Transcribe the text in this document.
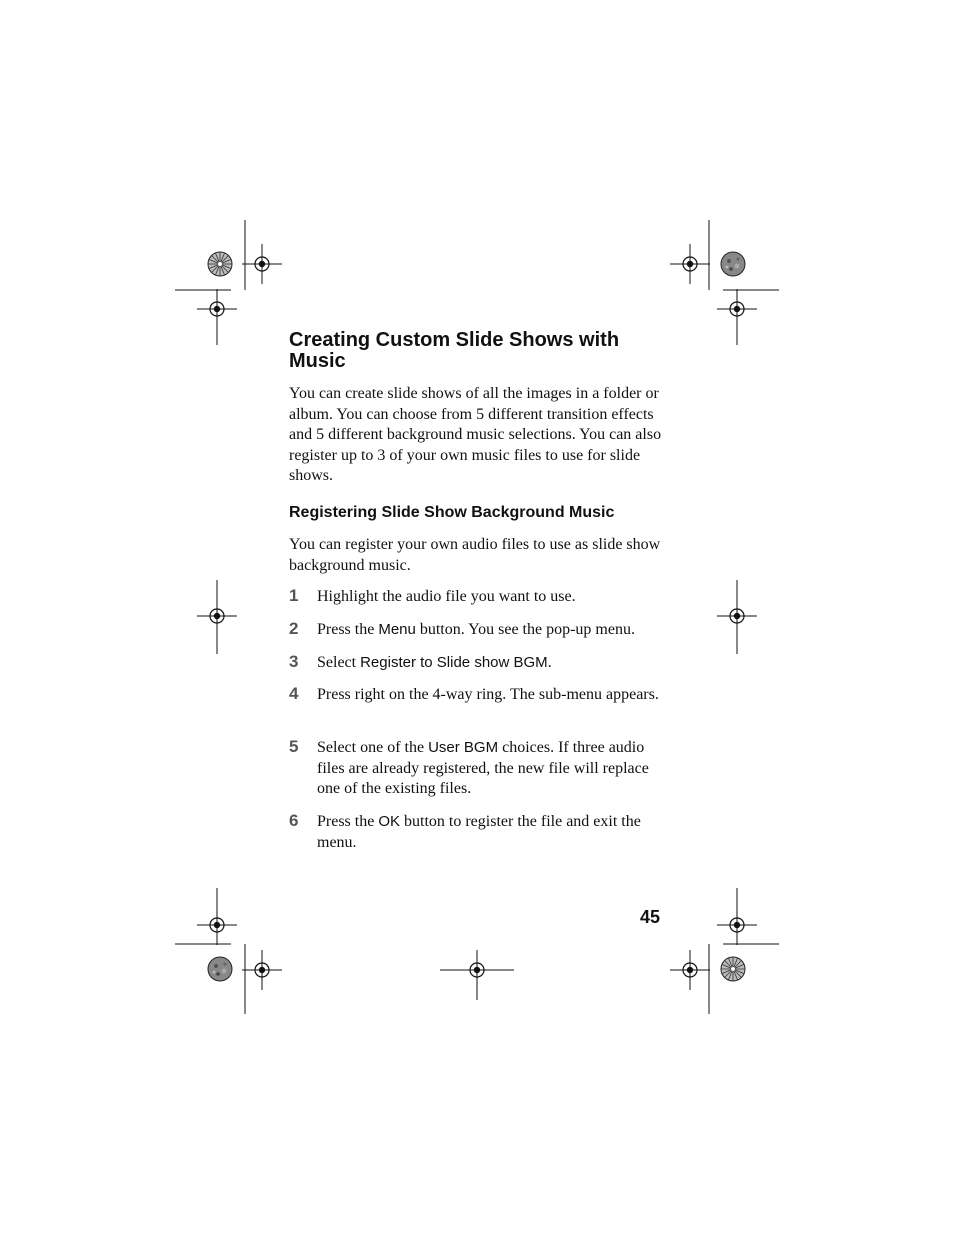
Creating Custom Slide Shows with Music
You can create slide shows of all the images in a folder or album. You can choose from 5 different transition effects and 5 different background music selections. You can also register up to 3 of your own music files to use for slide shows.
Registering Slide Show Background Music
You can register your own audio files to use as slide show background music.
1 Highlight the audio file you want to use.
2 Press the Menu button. You see the pop-up menu.
3 Select Register to Slide show BGM.
4 Press right on the 4-way ring. The sub-menu appears.
5 Select one of the User BGM choices. If three audio files are already registered, the new file will replace one of the existing files.
6 Press the OK button to register the file and exit the menu.
45
